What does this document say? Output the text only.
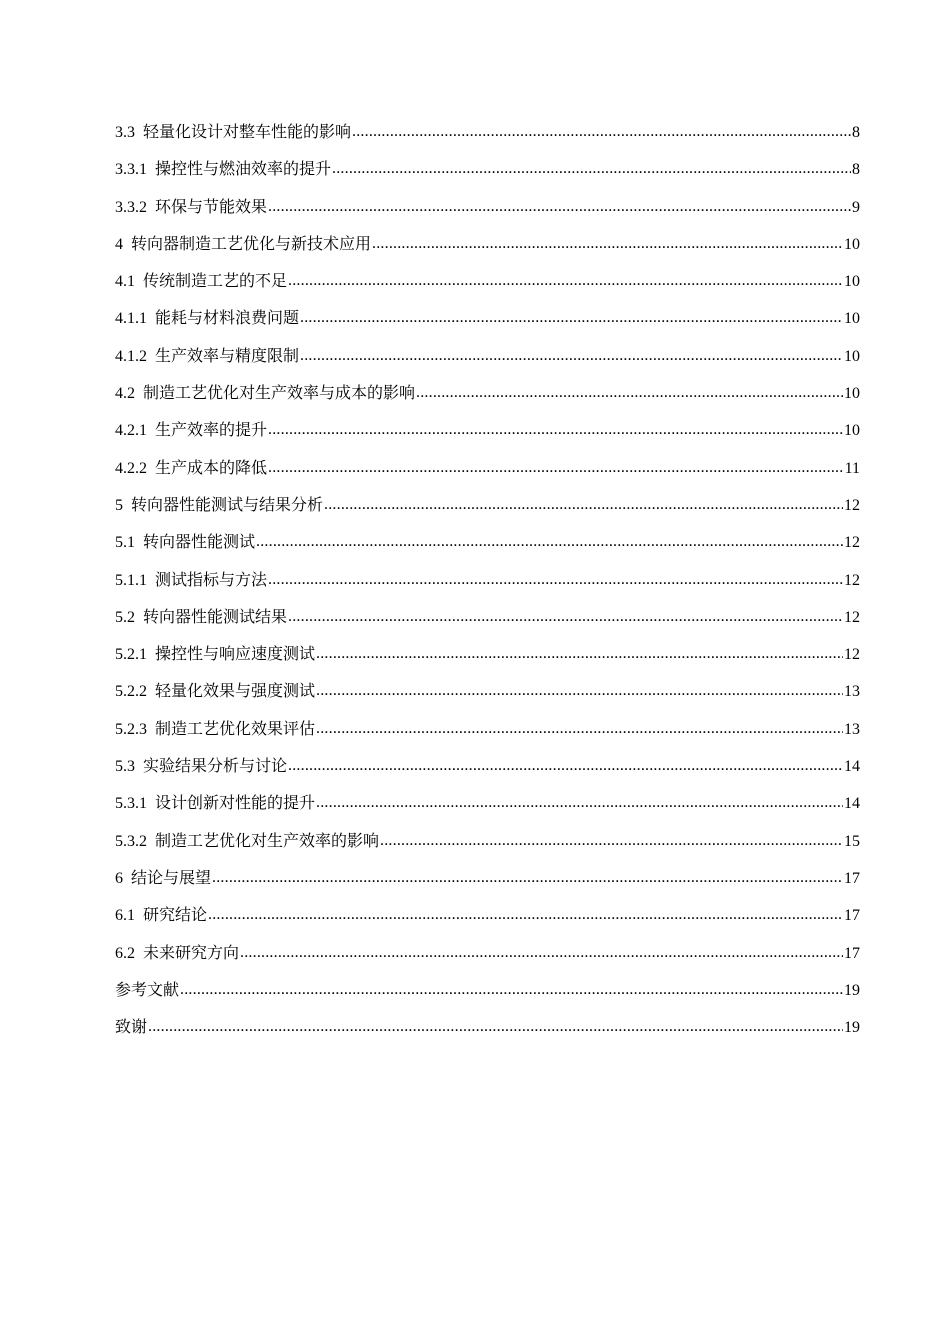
3.3 轻量化设计对整车性能的影响 .....	8
3.3.1 操控性与燃油效率的提升 .....	8
3.3.2 环保与节能效果 .....	9
4 转向器制造工艺优化与新技术应用 .....	10
4.1 传统制造工艺的不足 .....	10
4.1.1 能耗与材料浪费问题 .....	10
4.1.2 生产效率与精度限制 .....	10
4.2 制造工艺优化对生产效率与成本的影响 .....	10
4.2.1 生产效率的提升 .....	10
4.2.2 生产成本的降低 .....	11
5 转向器性能测试与结果分析 .....	12
5.1 转向器性能测试 .....	12
5.1.1 测试指标与方法 .....	12
5.2 转向器性能测试结果 .....	12
5.2.1 操控性与响应速度测试 .....	12
5.2.2 轻量化效果与强度测试 .....	13
5.2.3 制造工艺优化效果评估 .....	13
5.3 实验结果分析与讨论 .....	14
5.3.1 设计创新对性能的提升 .....	14
5.3.2 制造工艺优化对生产效率的影响 .....	15
6 结论与展望 .....	17
6.1 研究结论 .....	17
6.2 未来研究方向 .....	17
参考文献 .....	19
致谢 .....	19
